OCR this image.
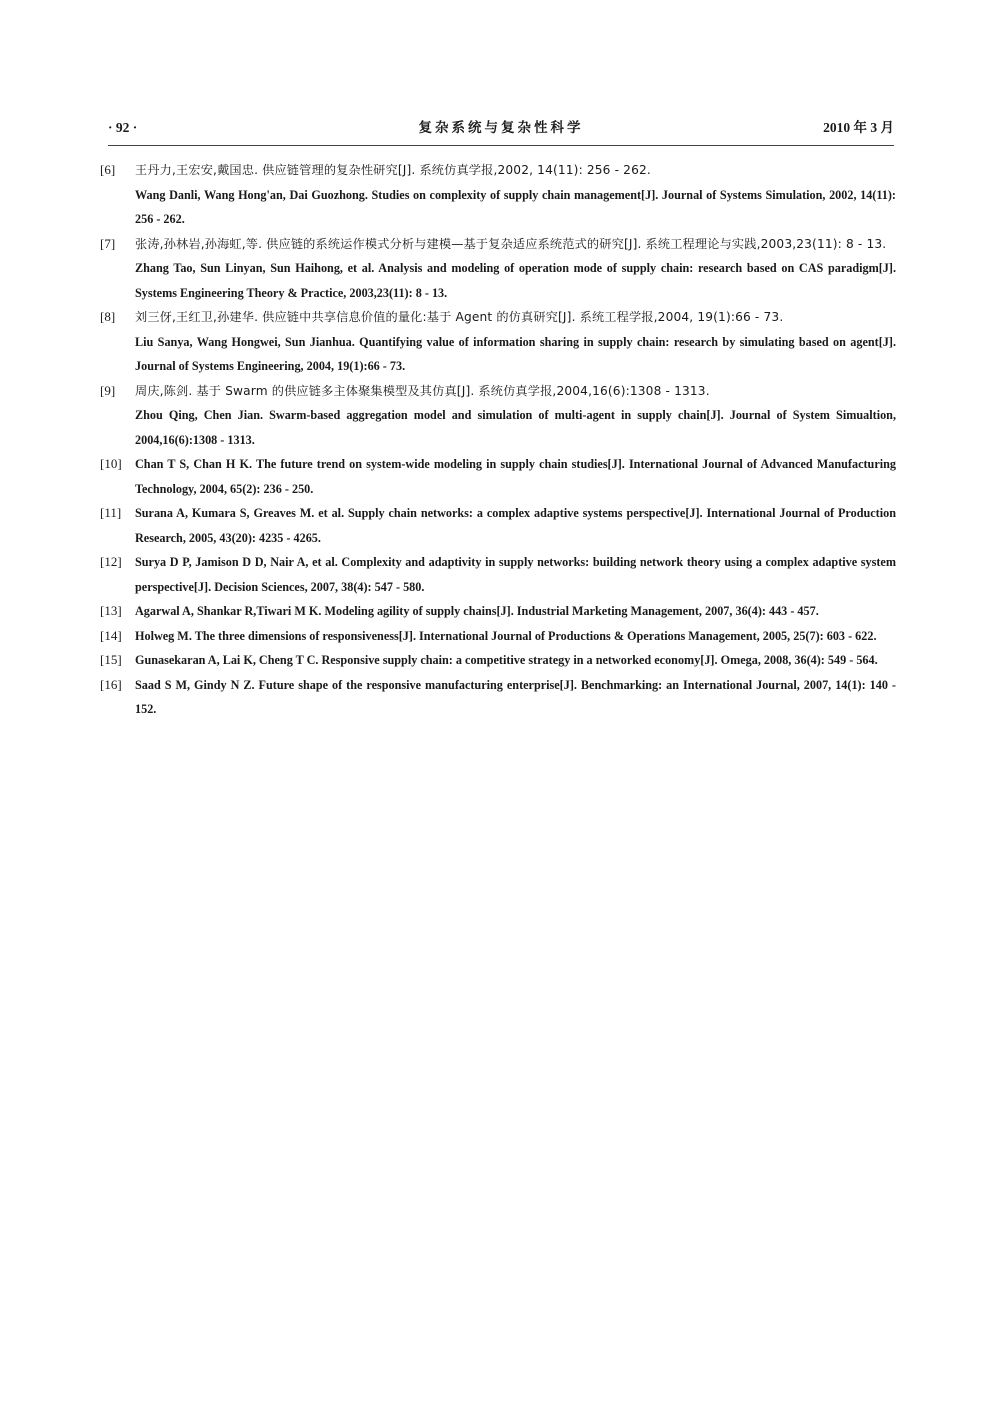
· 92 ·	复杂系统与复杂性科学	2010 年 3 月
[6]	王丹力,王宏安,戴国忠. 供应链管理的复杂性研究[J]. 系统仿真学报,2002, 14(11): 256 - 262.
Wang Danli, Wang Hong'an, Dai Guozhong. Studies on complexity of supply chain management[J]. Journal of Systems Simulation, 2002, 14(11): 256 - 262.
[7]	张涛,孙林岩,孙海虹,等. 供应链的系统运作模式分析与建模—基于复杂适应系统范式的研究[J]. 系统工程理论与实践,2003,23(11): 8 - 13.
Zhang Tao, Sun Linyan, Sun Haihong, et al. Analysis and modeling of operation mode of supply chain: research based on CAS paradigm[J]. Systems Engineering Theory & Practice, 2003,23(11): 8 - 13.
[8]	刘三伢,王红卫,孙建华. 供应链中共享信息价值的量化:基于 Agent 的仿真研究[J]. 系统工程学报,2004, 19(1):66 - 73.
Liu Sanya, Wang Hongwei, Sun Jianhua. Quantifying value of information sharing in supply chain: research by simulating based on agent[J]. Journal of Systems Engineering, 2004, 19(1):66 - 73.
[9]	周庆,陈剑. 基于 Swarm 的供应链多主体聚集模型及其仿真[J]. 系统仿真学报,2004,16(6):1308 - 1313.
Zhou Qing, Chen Jian. Swarm-based aggregation model and simulation of multi-agent in supply chain[J]. Journal of System Simualtion, 2004,16(6):1308 - 1313.
[10]	Chan T S, Chan H K. The future trend on system-wide modeling in supply chain studies[J]. International Journal of Advanced Manufacturing Technology, 2004, 65(2): 236 - 250.
[11]	Surana A, Kumara S, Greaves M. et al. Supply chain networks: a complex adaptive systems perspective[J]. International Journal of Production Research, 2005, 43(20): 4235 - 4265.
[12]	Surya D P, Jamison D D, Nair A, et al. Complexity and adaptivity in supply networks: building network theory using a complex adaptive system perspective[J]. Decision Sciences, 2007, 38(4): 547 - 580.
[13]	Agarwal A, Shankar R,Tiwari M K. Modeling agility of supply chains[J]. Industrial Marketing Management, 2007, 36(4): 443 - 457.
[14]	Holweg M. The three dimensions of responsiveness[J]. International Journal of Productions & Operations Management, 2005, 25(7): 603 - 622.
[15]	Gunasekaran A, Lai K, Cheng T C. Responsive supply chain: a competitive strategy in a networked economy[J]. Omega, 2008, 36(4): 549 - 564.
[16]	Saad S M, Gindy N Z. Future shape of the responsive manufacturing enterprise[J]. Benchmarking: an International Journal, 2007, 14(1): 140 - 152.
